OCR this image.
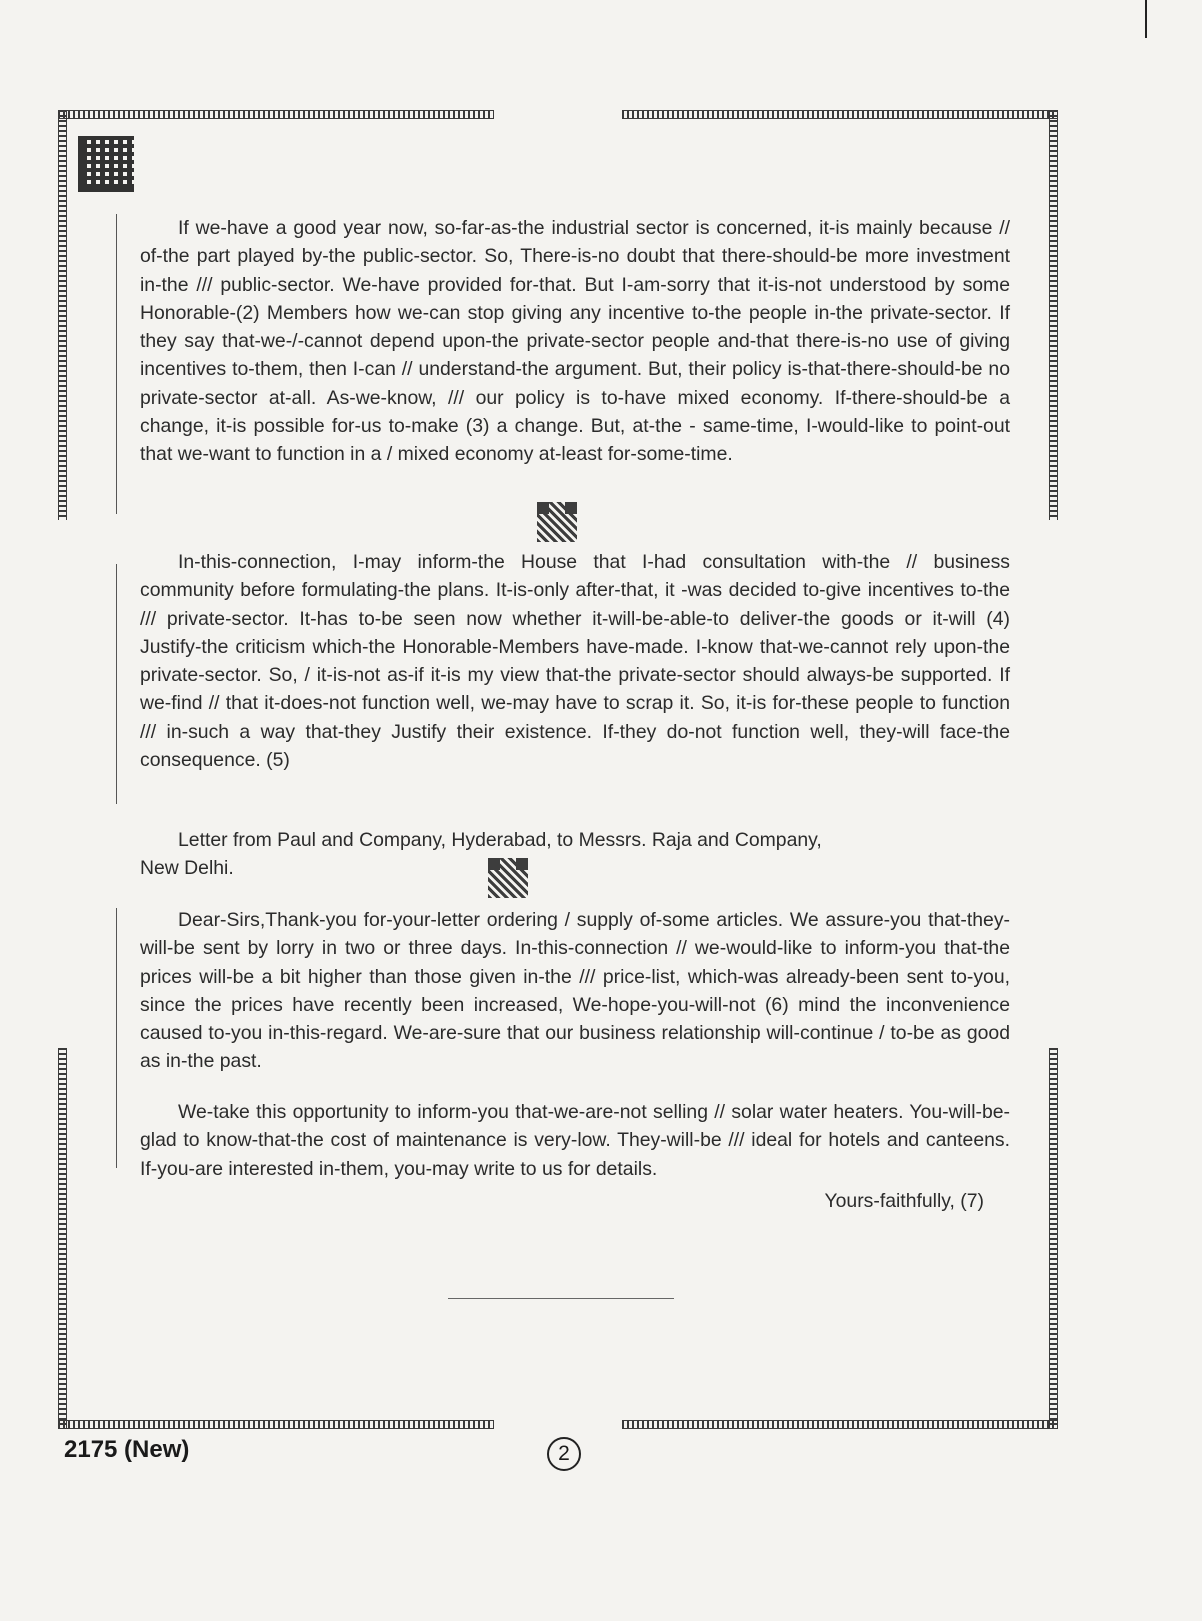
If we-have a good year now, so-far-as-the industrial sector is concerned, it-is mainly because // of-the part played by-the public-sector. So, There-is-no doubt that there-should-be more investment in-the /// public-sector. We-have provided for-that. But I-am-sorry that it-is-not understood by some Honorable-(2) Members how we-can stop giving any incentive to-the people in-the private-sector. If they say that-we-/-cannot depend upon-the private-sector people and-that there-is-no use of giving incentives to-them, then I-can // understand-the argument. But, their policy is-that-there-should-be no private-sector at-all. As-we-know, /// our policy is to-have mixed economy. If-there-should-be a change, it-is possible for-us to-make (3) a change. But, at-the - same-time, I-would-like to point-out that we-want to function in a / mixed economy at-least for-some-time.

In-this-connection, I-may inform-the House that I-had consultation with-the // business community before formulating-the plans. It-is-only after-that, it -was decided to-give incentives to-the /// private-sector. It-has to-be seen now whether it-will-be-able-to deliver-the goods or it-will (4) Justify-the criticism which-the Honorable-Members have-made. I-know that-we-cannot rely upon-the private-sector. So, / it-is-not as-if it-is my view that-the private-sector should always-be supported. If we-find // that it-does-not function well, we-may have to scrap it. So, it-is for-these people to function /// in-such a way that-they Justify their existence. If-they do-not function well, they-will face-the consequence. (5)

Letter from Paul and Company, Hyderabad, to Messrs. Raja and Company,

New Delhi.

Dear-Sirs,Thank-you for-your-letter ordering / supply of-some articles. We assure-you that-they-will-be sent by lorry in two or three days. In-this-connection // we-would-like to inform-you that-the prices will-be a bit higher than those given in-the /// price-list, which-was already-been sent to-you, since the prices have recently been increased, We-hope-you-will-not (6) mind the inconvenience caused to-you in-this-regard. We-are-sure that our business relationship will-continue / to-be as good as in-the past.

We-take this opportunity to inform-you that-we-are-not selling // solar water heaters. You-will-be-glad to know-that-the cost of maintenance is very-low. They-will-be /// ideal for hotels and canteens. If-you-are interested in-them, you-may write to us for details.

Yours-faithfully, (7)
2175 (New)	2
